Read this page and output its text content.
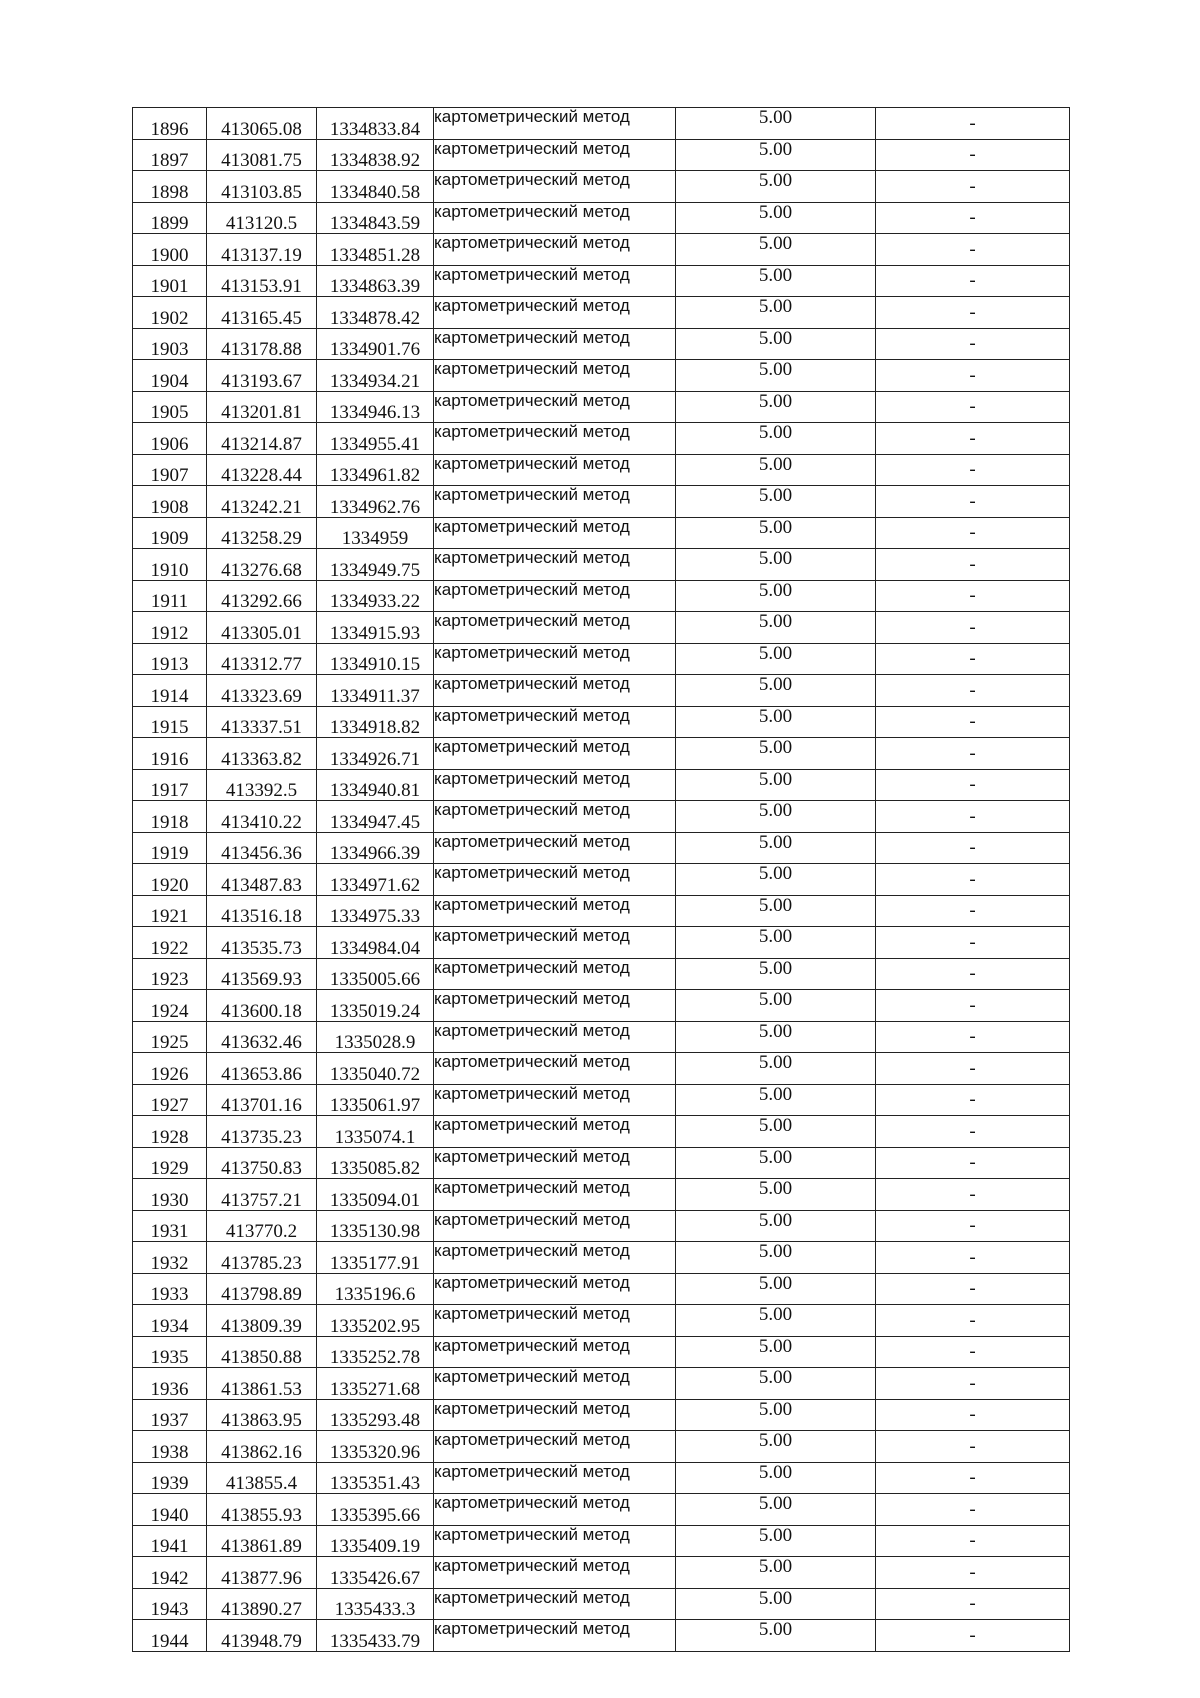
1896	413065.08	1334833.84	картометрический метод	5.00	-
1897	413081.75	1334838.92	картометрический метод	5.00	-
1898	413103.85	1334840.58	картометрический метод	5.00	-
1899	413120.5	1334843.59	картометрический метод	5.00	-
1900	413137.19	1334851.28	картометрический метод	5.00	-
1901	413153.91	1334863.39	картометрический метод	5.00	-
1902	413165.45	1334878.42	картометрический метод	5.00	-
1903	413178.88	1334901.76	картометрический метод	5.00	-
1904	413193.67	1334934.21	картометрический метод	5.00	-
1905	413201.81	1334946.13	картометрический метод	5.00	-
1906	413214.87	1334955.41	картометрический метод	5.00	-
1907	413228.44	1334961.82	картометрический метод	5.00	-
1908	413242.21	1334962.76	картометрический метод	5.00	-
1909	413258.29	1334959	картометрический метод	5.00	-
1910	413276.68	1334949.75	картометрический метод	5.00	-
1911	413292.66	1334933.22	картометрический метод	5.00	-
1912	413305.01	1334915.93	картометрический метод	5.00	-
1913	413312.77	1334910.15	картометрический метод	5.00	-
1914	413323.69	1334911.37	картометрический метод	5.00	-
1915	413337.51	1334918.82	картометрический метод	5.00	-
1916	413363.82	1334926.71	картометрический метод	5.00	-
1917	413392.5	1334940.81	картометрический метод	5.00	-
1918	413410.22	1334947.45	картометрический метод	5.00	-
1919	413456.36	1334966.39	картометрический метод	5.00	-
1920	413487.83	1334971.62	картометрический метод	5.00	-
1921	413516.18	1334975.33	картометрический метод	5.00	-
1922	413535.73	1334984.04	картометрический метод	5.00	-
1923	413569.93	1335005.66	картометрический метод	5.00	-
1924	413600.18	1335019.24	картометрический метод	5.00	-
1925	413632.46	1335028.9	картометрический метод	5.00	-
1926	413653.86	1335040.72	картометрический метод	5.00	-
1927	413701.16	1335061.97	картометрический метод	5.00	-
1928	413735.23	1335074.1	картометрический метод	5.00	-
1929	413750.83	1335085.82	картометрический метод	5.00	-
1930	413757.21	1335094.01	картометрический метод	5.00	-
1931	413770.2	1335130.98	картометрический метод	5.00	-
1932	413785.23	1335177.91	картометрический метод	5.00	-
1933	413798.89	1335196.6	картометрический метод	5.00	-
1934	413809.39	1335202.95	картометрический метод	5.00	-
1935	413850.88	1335252.78	картометрический метод	5.00	-
1936	413861.53	1335271.68	картометрический метод	5.00	-
1937	413863.95	1335293.48	картометрический метод	5.00	-
1938	413862.16	1335320.96	картометрический метод	5.00	-
1939	413855.4	1335351.43	картометрический метод	5.00	-
1940	413855.93	1335395.66	картометрический метод	5.00	-
1941	413861.89	1335409.19	картометрический метод	5.00	-
1942	413877.96	1335426.67	картометрический метод	5.00	-
1943	413890.27	1335433.3	картометрический метод	5.00	-
1944	413948.79	1335433.79	картометрический метод	5.00	-
